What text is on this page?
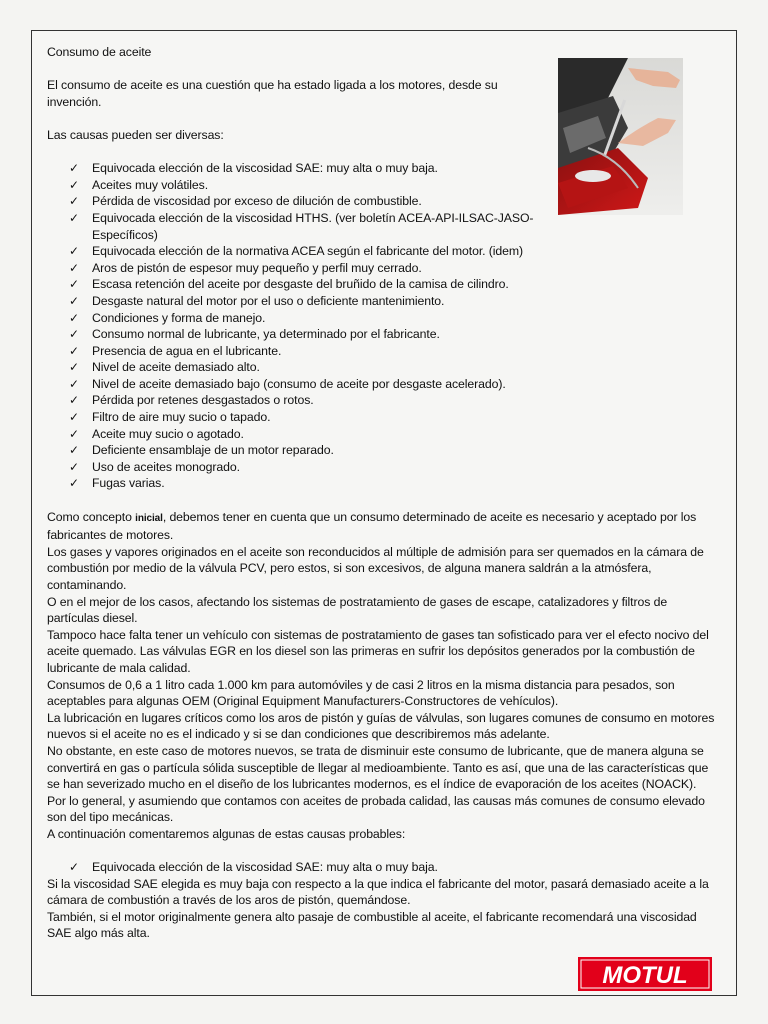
Consumo de aceite

El consumo de aceite es una cuestión que ha estado ligada a los motores, desde su invención.

Las causas pueden ser diversas:

✓ Equivocada elección de la viscosidad SAE: muy alta o muy baja.
✓ Aceites muy volátiles.
✓ Pérdida de viscosidad por exceso de dilución de combustible.
✓ Equivocada elección de la viscosidad HTHS. (ver boletín ACEA-API-ILSAC-JASO-Específicos)
✓ Equivocada elección de la normativa ACEA según el fabricante del motor. (idem)
✓ Aros de pistón de espesor muy pequeño y perfil muy cerrado.
✓ Escasa retención del aceite por desgaste del bruñido de la camisa de cilindro.
✓ Desgaste natural del motor por el uso o deficiente mantenimiento.
✓ Condiciones y forma de manejo.
✓ Consumo normal de lubricante, ya determinado por el fabricante.
✓ Presencia de agua en el lubricante.
✓ Nivel de aceite demasiado alto.
✓ Nivel de aceite demasiado bajo (consumo de aceite por desgaste acelerado).
✓ Pérdida por retenes desgastados o rotos.
✓ Filtro de aire muy sucio o tapado.
✓ Aceite muy sucio o agotado.
✓ Deficiente ensamblaje de un motor reparado.
✓ Uso de aceites monogrado.
✓ Fugas varias.

Como concepto inicial, debemos tener en cuenta que un consumo determinado de aceite es necesario y aceptado por los fabricantes de motores.

Los gases y vapores originados en el aceite son reconducidos al múltiple de admisión para ser quemados en la cámara de combustión por medio de la válvula PCV, pero estos, si son excesivos, de alguna manera saldrán a la atmósfera, contaminando.

O en el mejor de los casos, afectando los sistemas de postratamiento de gases de escape, catalizadores y filtros de partículas diesel.

Tampoco hace falta tener un vehículo con sistemas de postratamiento de gases tan sofisticado para ver el efecto nocivo del aceite quemado. Las válvulas EGR en los diesel son las primeras en sufrir los depósitos generados por la combustión de lubricante de mala calidad.

Consumos de 0,6 a 1 litro cada 1.000 km para automóviles y de casi 2 litros en la misma distancia para pesados, son aceptables para algunas OEM (Original Equipment Manufacturers-Constructores de vehículos).

La lubricación en lugares críticos como los aros de pistón y guías de válvulas, son lugares comunes de consumo en motores nuevos si el aceite no es el indicado y si se dan condiciones que describiremos más adelante.

No obstante, en este caso de motores nuevos, se trata de disminuir este consumo de lubricante, que de manera alguna se convertirá en gas o partícula sólida susceptible de llegar al medioambiente. Tanto es así, que una de las características que se han severizado mucho en el diseño de los lubricantes modernos, es el índice de evaporación de los aceites (NOACK).

Por lo general, y asumiendo que contamos con aceites de probada calidad, las causas más comunes de consumo elevado son del tipo mecánicas.

A continuación comentaremos algunas de estas causas probables:

✓ Equivocada elección de la viscosidad SAE: muy alta o muy baja.

Si la viscosidad SAE elegida es muy baja con respecto a la que indica el fabricante del motor, pasará demasiado aceite a la cámara de combustión a través de los aros de pistón, quemándose.

También, si el motor originalmente genera alto pasaje de combustible al aceite, el fabricante recomendará una viscosidad SAE algo más alta.

MOTUL
